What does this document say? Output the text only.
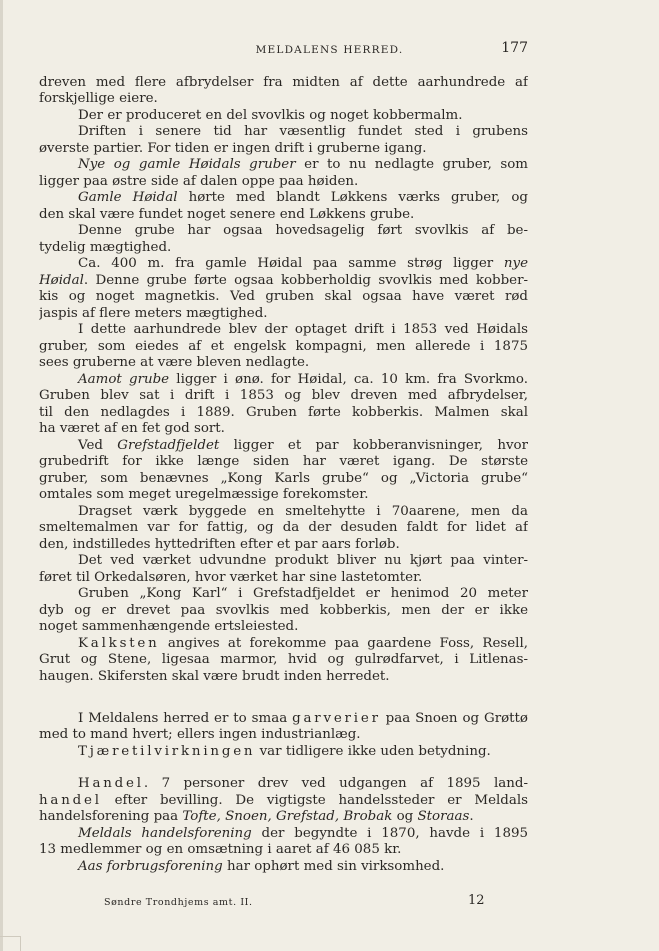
MELDALENS HERRED.	177
dreven med flere afbrydelser fra midten af dette aarhundrede af
forskjellige eiere.
Der er produceret en del svovlkis og noget kobbermalm.
Driften i senere tid har væsentlig fundet sted i grubens
øverste partier. For tiden er ingen drift i gruberne igang.
Nye og gamle Høidals gruber er to nu nedlagte gruber, som
ligger paa østre side af dalen oppe paa høiden.
Gamle Høidal hørte med blandt Løkkens værks gruber, og
den skal være fundet noget senere end Løkkens grube.
Denne grube har ogsaa hovedsagelig ført svovlkis af be-
tydelig mægtighed.
Ca. 400 m. fra gamle Høidal paa samme strøg ligger nye
Høidal. Denne grube førte ogsaa kobberholdig svovlkis med kobber-
kis og noget magnetkis. Ved gruben skal ogsaa have været rød
jaspis af flere meters mægtighed.
I dette aarhundrede blev der optaget drift i 1853 ved Høidals
gruber, som eiedes af et engelsk kompagni, men allerede i 1875
sees gruberne at være bleven nedlagte.
Aamot grube ligger i ønø. for Høidal, ca. 10 km. fra Svorkmo.
Gruben blev sat i drift i 1853 og blev dreven med afbrydelser,
til den nedlagdes i 1889. Gruben førte kobberkis. Malmen skal
ha været af en fet god sort.
Ved Grefstadfjeldet ligger et par kobberanvisninger, hvor
grubedrift for ikke længe siden har været igang. De største
gruber, som benævnes „Kong Karls grube“ og „Victoria grube“
omtales som meget uregelmæssige forekomster.
Dragset værk byggede en smeltehytte i 70aarene, men da
smeltemalmen var for fattig, og da der desuden faldt for lidet af
den, indstilledes hyttedriften efter et par aars forløb.
Det ved værket udvundne produkt bliver nu kjørt paa vinter-
føret til Orkedalsøren, hvor værket har sine lastetomter.
Gruben „Kong Karl“ i Grefstadfjeldet er henimod 20 meter
dyb og er drevet paa svovlkis med kobberkis, men der er ikke
noget sammenhængende ertsleiested.
Kalksten angives at forekomme paa gaardene Foss, Resell,
Grut og Stene, ligesaa marmor, hvid og gulrødfarvet, i Litlenas-
haugen. Skifersten skal være brudt inden herredet.
I Meldalens herred er to smaa garverier paa Snoen og Grøttø
med to mand hvert; ellers ingen industrianlæg.
Tjæretilvirkningen var tidligere ikke uden betydning.
Handel. 7 personer drev ved udgangen af 1895 land-
handel efter bevilling. De vigtigste handelssteder er Meldals
handelsforening paa Tofte, Snoen, Grefstad, Brobak og Storaas.
Meldals handelsforening der begyndte i 1870, havde i 1895
13 medlemmer og en omsætning i aaret af 46 085 kr.
Aas forbrugsforening har ophørt med sin virksomhed.
Søndre Trondhjems amt. II.	12
